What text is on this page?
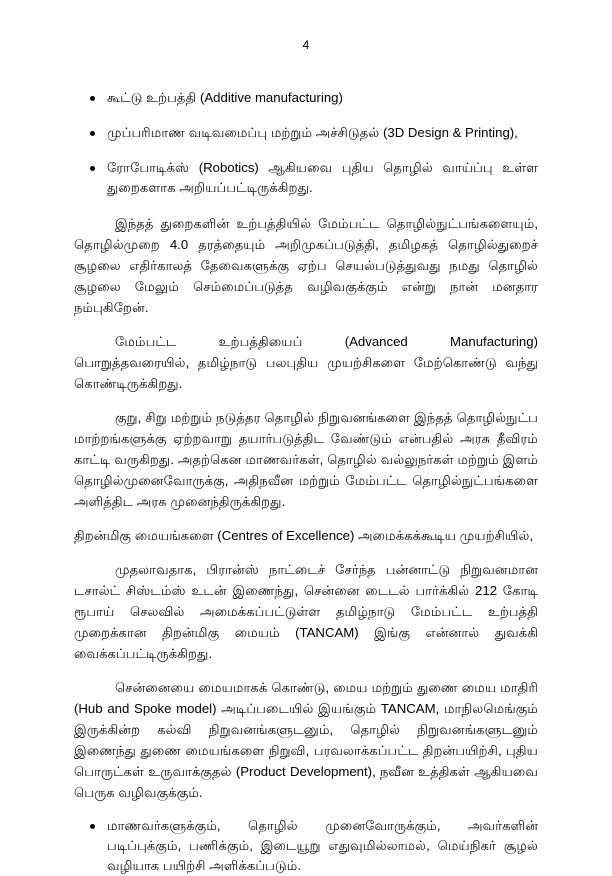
4
கூட்டு உற்பத்தி (Additive manufacturing)
முப்பரிமாண வடிவமைப்பு மற்றும் அச்சிடுதல் (3D Design & Printing),
ரோபோடிக்ஸ் (Robotics) ஆகியவை புதிய தொழில் வாய்ப்பு உள்ள துறைகளாக அறியப்பட்டிருக்கிறது.

இந்தத் துறைகளின் உற்பத்தியில் மேம்பட்ட தொழில்நுட்பங்களையும், தொழில்முறை 4.0 தரத்தையும் அறிமுகப்படுத்தி, தமிழகத் தொழில்துறைச் சூழலை எதிர்காலத் தேவைகளுக்கு ஏற்ப செயல்படுத்துவது நமது தொழில் சூழலை மேலும் செம்மைப்படுத்த வழிவகுக்கும் என்று நான் மனதார நம்புகிறேன்.

மேம்பட்ட உற்பத்தியைப் (Advanced Manufacturing) பொறுத்தவரையில், தமிழ்நாடு பலபுதிய முயற்சிகளை மேற்கொண்டு வந்து கொண்டிருக்கிறது.

குறு, சிறு மற்றும் நடுத்தர தொழில் நிறுவனங்களை இந்தத் தொழில்நுட்ப மாற்றங்களுக்கு ஏற்றவாறு தயார்படுத்திட வேண்டும் என்பதில் அரசு தீவிரம் காட்டி வருகிறது. அதற்கென மாணவர்கள், தொழில் வல்லுநர்கள் மற்றும் இளம் தொழில்முனைவோருக்கு, அதிநவீன மற்றும் மேம்பட்ட தொழில்நுட்பங்களை அளித்திட அரசு முனைந்திருக்கிறது.

திறன்மிகு மையங்களை (Centres of Excellence) அமைக்கக்கூடிய முயற்சியில்,

முதலாவதாக, பிரான்ஸ் நாட்டைச் சேர்ந்த பன்னாட்டு நிறுவனமான டசால்ட் சிஸ்டம்ஸ் உடன் இணைந்து, சென்னை டைடல் பார்க்கில் 212 கோடி ரூபாய் செலவில் அமைக்கப்பட்டுள்ள தமிழ்நாடு மேம்பட்ட உற்பத்தி முறைக்கான திறன்மிகு மையம் (TANCAM) இங்கு என்னால் துவக்கி வைக்கப்பட்டிருக்கிறது.

சென்னையை மையமாகக் கொண்டு, மைய மற்றும் துணை மைய மாதிரி (Hub and Spoke model) அடிப்படையில் இயங்கும் TANCAM, மாநிலமெங்கும் இருக்கின்ற கல்வி நிறுவனங்களுடனும், தொழில் நிறுவனங்களுடனும் இணைந்து துணை மையங்களை நிறுவி, பரவலாக்கப்பட்ட திறன்பயிற்சி, புதிய பொருட்கள் உருவாக்குதல் (Product Development), நவீன உத்திகள் ஆகியவை பெருக வழிவகுக்கும்.

மாணவர்களுக்கும், தொழில் முனைவோருக்கும், அவர்களின் படிப்புக்கும், பணிக்கும், இடையூறு எதுவுமில்லாமல், மெய்நிகர் சூழல் வழியாக பயிற்சி அளிக்கப்படும்.
